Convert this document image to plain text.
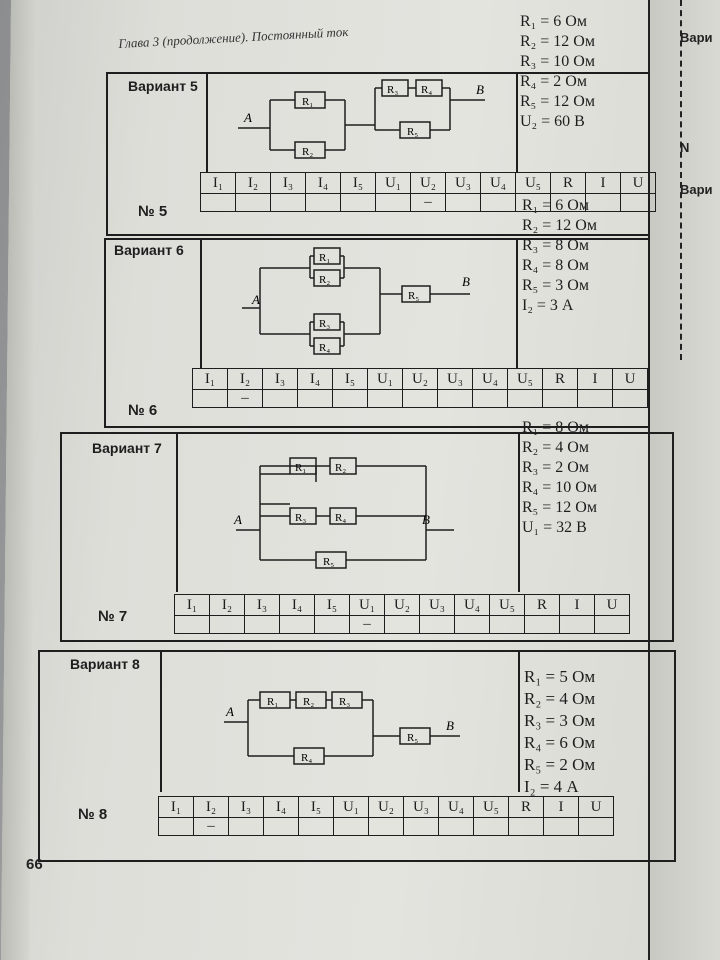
Вари
N
Вари
Глава 3 (продолжение). Постоянный ток
Вариант 5
A
B
R₁
R₂
R₃ R₄
R₅
R₁ = 6 Ом
R₂ = 12 Ом
R₃ = 10 Ом
R₄ = 2 Ом
R₅ = 12 Ом
U₂ = 60 В
№ 5
I₁	I₂	I₃	I₄	I₅	U₁	U₂	U₃	U₄	U₅	R	I	U
						–						
Вариант 6
A
B
R₁
R₂
R₃
R₄
R₅
R₁ = 6 Ом
R₂ = 12 Ом
R₃ = 8 Ом
R₄ = 8 Ом
R₅ = 3 Ом
I₂ = 3 А
№ 6
I₁	I₂	I₃	I₄	I₅	U₁	U₂	U₃	U₄	U₅	R	I	U
	–											
Вариант 7
A	B
R₁	R₂
R₃	R₄
R₅
R₁ = 8 Ом
R₂ = 4 Ом
R₃ = 2 Ом
R₄ = 10 Ом
R₅ = 12 Ом
U₁ = 32 В
№ 7
I₁	I₂	I₃	I₄	I₅	U₁	U₂	U₃	U₄	U₅	R	I	U
					–							
Вариант 8
A
B
R₁ R₂ R₃
R₄
R₅
R₁ = 5 Ом
R₂ = 4 Ом
R₃ = 3 Ом
R₄ = 6 Ом
R₅ = 2 Ом
I₂ = 4 А
№ 8	I₁	I₂	I₃	I₄	I₅	U₁	U₂	U₃	U₄	U₅	R	I	U
	–											
66
